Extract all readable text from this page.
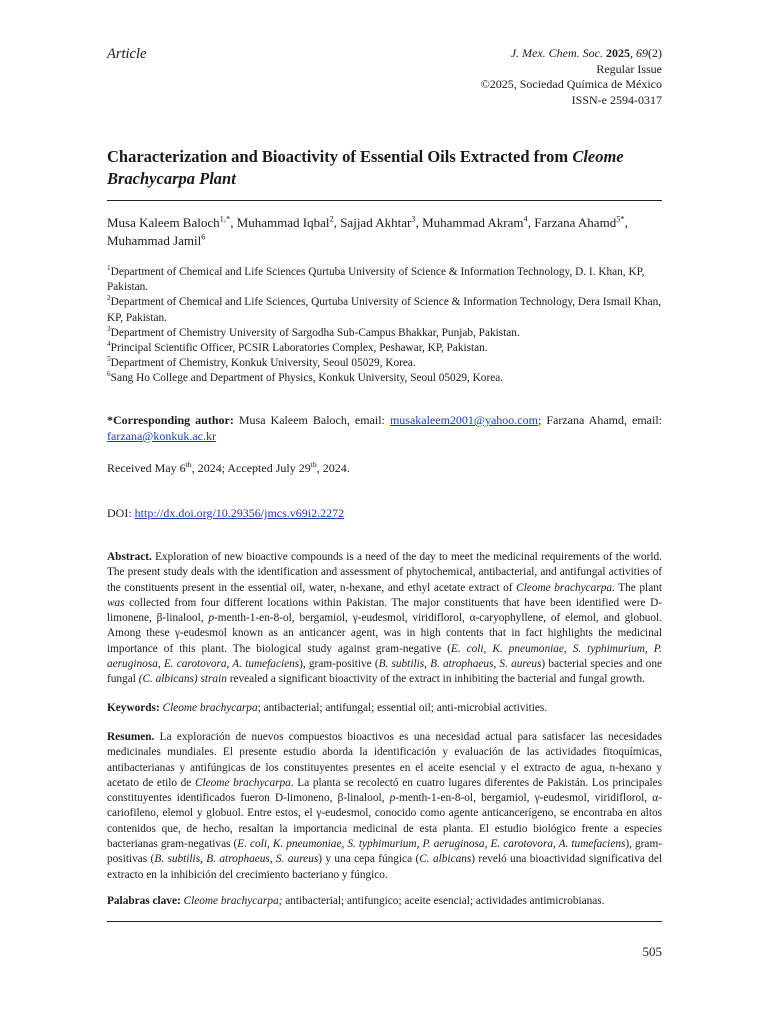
Article	J. Mex. Chem. Soc. 2025, 69(2)
Regular Issue
©2025, Sociedad Química de México
ISSN-e 2594-0317
Characterization and Bioactivity of Essential Oils Extracted from Cleome
Brachycarpa Plant
Musa Kaleem Baloch$^{1,*}$, Muhammad Iqbal$^2$, Sajjad Akhtar$^3$, Muhammad Akram$^4$, Farzana Ahamd$^{5*}$, Muhammad Jamil$^6$
$^1$Department of Chemical and Life Sciences Qurtuba University of Science & Information Technology, D. I. Khan, KP, Pakistan.
$^2$Department of Chemical and Life Sciences, Qurtuba University of Science & Information Technology, Dera Ismail Khan, KP, Pakistan.
$^3$Department of Chemistry University of Sargodha Sub-Campus Bhakkar, Punjab, Pakistan.
$^4$Principal Scientific Officer, PCSIR Laboratories Complex, Peshawar, KP, Pakistan.
$^5$Department of Chemistry, Konkuk University, Seoul 05029, Korea.
$^6$Sang Ho College and Department of Physics, Konkuk University, Seoul 05029, Korea.
*Corresponding author: Musa Kaleem Baloch, email: musakaleem2001@yahoo.com; Farzana Ahamd, email: farzana@konkuk.ac.kr
Received May 6th, 2024; Accepted July 29th, 2024.
DOI: http://dx.doi.org/10.29356/jmcs.v69i2.2272
Abstract. Exploration of new bioactive compounds is a need of the day to meet the medicinal requirements of the world. The present study deals with the identification and assessment of phytochemical, antibacterial, and antifungal activities of the constituents present in the essential oil, water, n-hexane, and ethyl acetate extract of Cleome brachycarpa. The plant was collected from four different locations within Pakistan. The major constituents that have been identified were D-limonene, β-linalool, p-menth-1-en-8-ol, bergamiol, γ-eudesmol, viridiflorol, α-caryophyllene, of elemol, and globuol. Among these γ-eudesmol known as an anticancer agent, was in high contents that in fact highlights the medicinal importance of this plant. The biological study against gram-negative (E. coli, K. pneumoniae, S. typhimurium, P. aeruginosa, E. carotovora, A. tumefaciens), gram-positive (B. subtilis, B. atrophaeus, S. aureus) bacterial species and one fungal (C. albicans) strain revealed a significant bioactivity of the extract in inhibiting the bacterial and fungal growth.
Keywords: Cleome brachycarpa; antibacterial; antifungal; essential oil; anti-microbial activities.
Resumen. La exploración de nuevos compuestos bioactivos es una necesidad actual para satisfacer las necesidades medicinales mundiales. El presente estudio aborda la identificación y evaluación de las actividades fitoquímicas, antibacterianas y antifúngicas de los constituyentes presentes en el aceite esencial y el extracto de agua, n-hexano y acetato de etilo de Cleome brachycarpa. La planta se recolectó en cuatro lugares diferentes de Pakistán. Los principales constituyentes identificados fueron D-limoneno, β-linalool, p-menth-1-en-8-ol, bergamiol, γ-eudesmol, viridiflorol, α-cariofileno, elemol y globuol. Entre estos, el γ-eudesmol, conocido como agente anticancerígeno, se encontraba en altos contenidos que, de hecho, resaltan la importancia medicinal de esta planta. El estudio biológico frente a especies bacterianas gram-negativas (E. coli, K. pneumoniae, S. typhimurium, P. aeruginosa, E. carotovora, A. tumefaciens), gram-positivas (B. subtilis, B. atrophaeus, S. aureus) y una cepa fúngica (C. albicans) reveló una bioactividad significativa del extracto en la inhibición del crecimiento bacteriano y fúngico.
Palabras clave: Cleome brachycarpa; antibacterial; antifungico; aceite esencial; actividades antimicrobianas.
505
